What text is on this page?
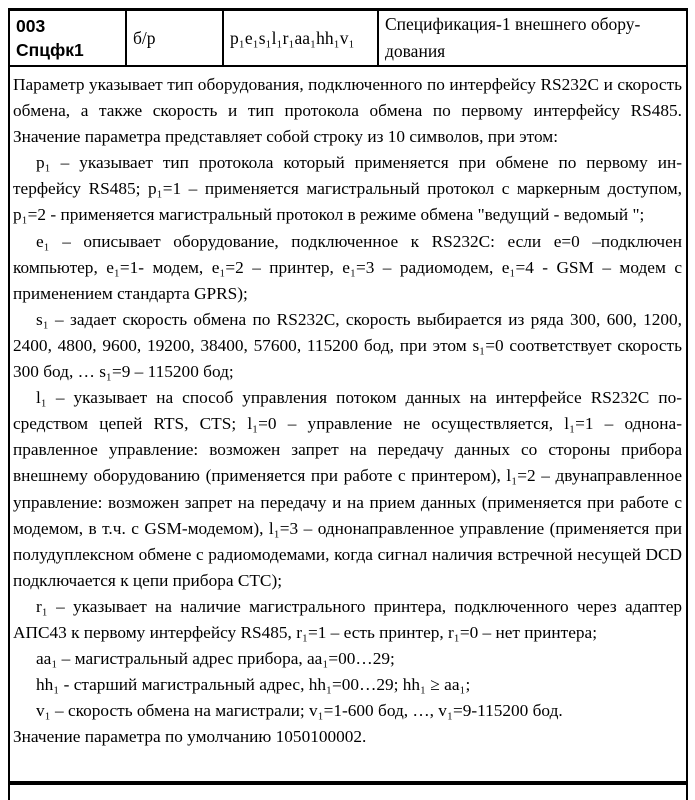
003
Спцфк1
б/р	p₁e₁s₁l₁r₁aa₁hh₁v₁
Спецификация-1 внешнего оборудования

Параметр указывает тип оборудования, подключенного по интерфейсу RS232C и скорость обмена, а также скорость и тип протокола обмена по первому интерфейсу RS485. Значение параметра представляет собой строку из 10 символов, при этом:

p₁ – указывает тип протокола который применяется при обмене по первому интерфейсу RS485; p₁=1 – применяется магистральный протокол с маркерным доступом, p₁=2 - применяется магистральный протокол в режиме обмена "ведущий - ведомый ";

e₁ – описывает оборудование, подключенное к RS232C: если e=0 –подключен компьютер, e₁=1- модем, e₁=2 – принтер, e₁=3 – радиомодем, e₁=4 - GSM – модем с применением стандарта GPRS);

s₁ – задает скорость обмена по RS232C, скорость выбирается из ряда 300, 600, 1200, 2400, 4800, 9600, 19200, 38400, 57600, 115200 бод, при этом s₁=0 соответствует скорость 300 бод, … s₁=9 – 115200 бод;

l₁ – указывает на способ управления потоком данных на интерфейсе RS232C посредством цепей RTS, CTS; l₁=0 – управление не осуществляется, l₁=1 – однонаправленное управление: возможен запрет на передачу данных со стороны прибора внешнему оборудованию (применяется при работе с принтером), l₁=2 – двунаправленное управление: возможен запрет на передачу и на прием данных (применяется при работе с модемом, в т.ч. с GSM-модемом), l₁=3 – однонаправленное управление (применяется при полудуплексном обмене с радиомодемами, когда сигнал наличия встречной несущей DCD подключается к цепи прибора СТС);

r₁ – указывает на наличие магистрального принтера, подключенного через адаптер АПС43 к первому интерфейсу RS485, r₁=1 – есть принтер, r₁=0 – нет принтера;

aa₁ – магистральный адрес прибора, aa₁=00…29;

hh₁ - старший магистральный адрес, hh₁=00…29; hh₁ ≥ aa₁;

v₁ – скорость обмена на магистрали; v₁=1-600 бод, …, v₁=9-115200 бод.

Значение параметра по умолчанию 1050100002.
